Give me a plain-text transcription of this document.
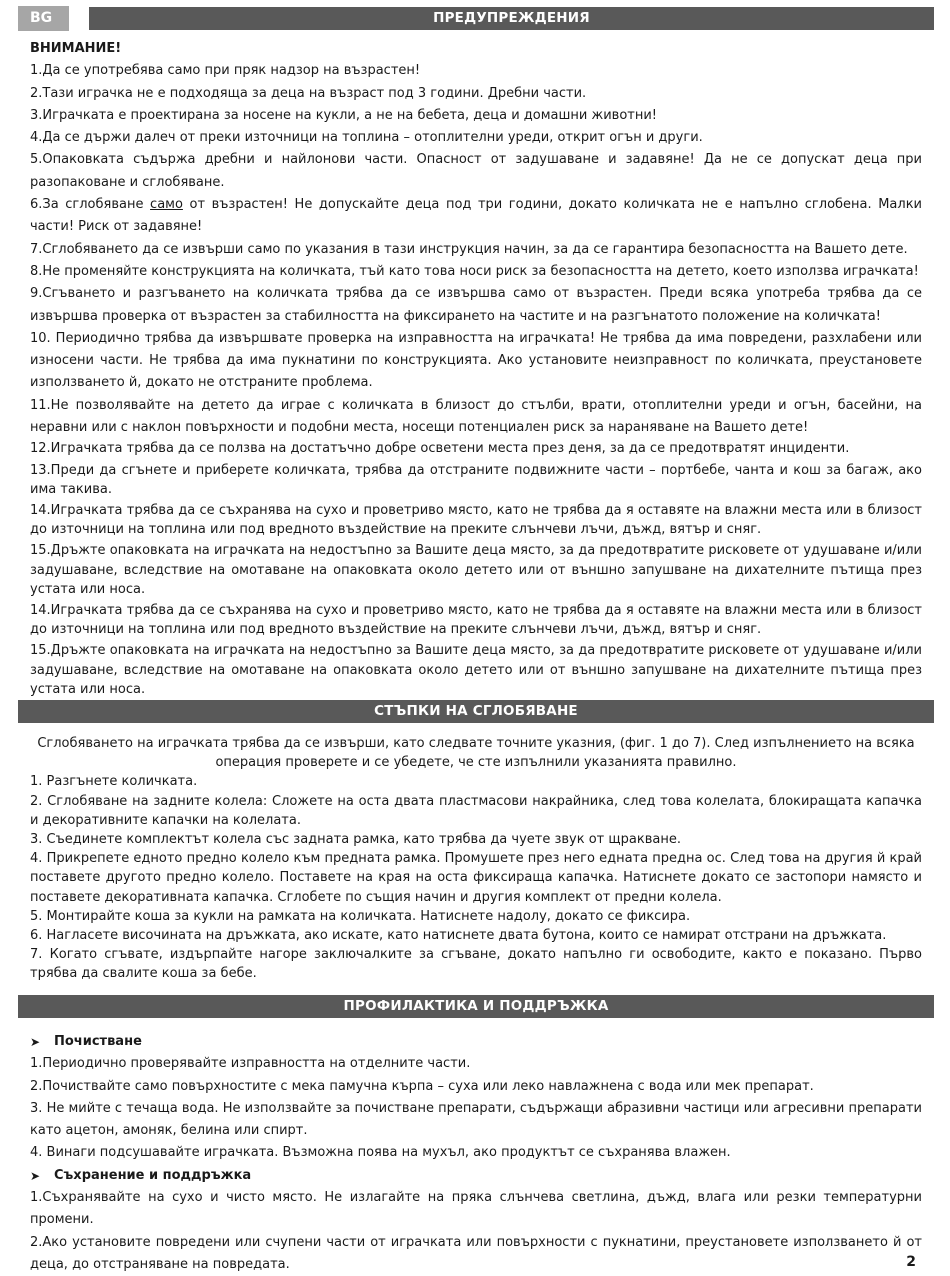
BG	ПРЕДУПРЕЖДЕНИЯ

ВНИМАНИЕ!

1.Да се употребява само при пряк надзор на възрастен!

2.Тази играчка не е подходяща за деца на възраст под 3 години. Дребни части.

3.Играчката е проектирана за носене на кукли, а не на бебета, деца и домашни животни!

4.Да се държи далеч от преки източници на топлина – отоплителни уреди, открит огън и други.

5.Опаковката съдържа дребни и найлонови части. Опасност от задушаване и задавяне! Да не се допускат деца при разопаковане и сглобяване.

6.За сглобяване само от възрастен! Не допускайте деца под три години, докато количката не е напълно сглобена. Малки части! Риск от задавяне!

7.Сглобяването да се извърши само по указания в тази инструкция начин, за да се гарантира безопасността на Вашето дете.

8.Не променяйте конструкцията на количката, тъй като това носи риск за безопасността на детето, което използва играчката!

9.Сгъването и разгъването на количката трябва да се извършва само от възрастен. Преди всяка употреба трябва да се извършва проверка от възрастен за стабилността на фиксирането на частите и на разгънатото положение на количката!

10. Периодично трябва да извършвате проверка на изправността на играчката! Не трябва да има повредени, разхлабени или износени части. Не трябва да има пукнатини по конструкцията. Ако установите неизправност по количката, преустановете използването й, докато не отстраните проблема.

11.Не позволявайте на детето да играе с количката в близост до стълби, врати, отоплителни уреди и огън, басейни, на неравни или с наклон повърхности и подобни места, носещи потенциален риск за нараняване на Вашето дете!

12.Играчката трябва да се ползва на достатъчно добре осветени места през деня, за да се предотвратят инциденти.

13.Преди да сгънете и приберете количката, трябва да отстраните подвижните части – портбебе, чанта и кош за багаж, ако има такива.

14.Играчката трябва да се съхранява на сухо и проветриво място, като не трябва да я оставяте на влажни места или в близост до източници на топлина или под вредното въздействие на преките слънчеви лъчи, дъжд, вятър и сняг.

15.Дръжте опаковката на играчката на недостъпно за Вашите деца място, за да предотвратите рисковете от удушаване и/или задушаване, вследствие на омотаване на опаковката около детето или от външно запушване на дихателните пътища през устата или носа.

14.Играчката трябва да се съхранява на сухо и проветриво място, като не трябва да я оставяте на влажни места или в близост до източници на топлина или под вредното въздействие на преките слънчеви лъчи, дъжд, вятър и сняг.

15.Дръжте опаковката на играчката на недостъпно за Вашите деца място, за да предотвратите рисковете от удушаване и/или задушаване, вследствие на омотаване на опаковката около детето или от външно запушване на дихателните пътища през устата или носа.

СТЪПКИ НА СГЛОБЯВАНЕ

Сглобяването на играчката трябва да се извърши, като следвате точните указния, (фиг. 1 до 7). След изпълнението на всяка операция проверете и се убедете, че сте изпълнили указанията правилно.

1. Разгънете количката.

2. Сглобяване на задните колела: Сложете на оста двата пластмасови накрайника, след това колелата, блокиращата капачка и декоративните капачки на колелата.

3. Съединете комплектът колела със задната рамка, като трябва да чуете звук от щракване.

4. Прикрепете едното предно колело към предната рамка. Промушете през него едната предна ос. След това на другия й край поставете другото предно колело. Поставете на края на оста фиксираща капачка. Натиснете докато се застопори намясто и поставете декоративната капачка. Сглобете по същия начин и другия комплект от предни колела.

5. Монтирайте коша за кукли на рамката на количката. Натиснете надолу, докато се фиксира.

6. Нагласете височината на дръжката, ако искате, като натиснете двата бутона, които се намират отстрани на дръжката.

7. Когато сгъвате, издърпайте нагоре заключалките за сгъване, докато напълно ги освободите, както е показано. Първо трябва да свалите коша за бебе.

ПРОФИЛАКТИКА И ПОДДРЪЖКА

➤	Почистване

1.Периодично проверявайте изправността на отделните части.

2.Почиствайте само повърхностите с мека памучна кърпа – суха или леко навлажнена с вода или мек препарат.

3. Не мийте с течаща вода. Не използвайте за почистване препарати, съдържащи абразивни частици или агресивни препарати като ацетон, амоняк, белина или спирт.

4. Винаги подсушавайте играчката. Възможна поява на мухъл, ако продуктът се съхранява влажен.

➤	Съхранение и поддръжка

1.Съхранявайте на сухо и чисто място. Не излагайте на пряка слънчева светлина, дъжд, влага или резки температурни промени.

2.Ако установите повредени или счупени части от играчката или повърхности с пукнатини, преустановете използването й от деца, до отстраняване на повредата.	2
